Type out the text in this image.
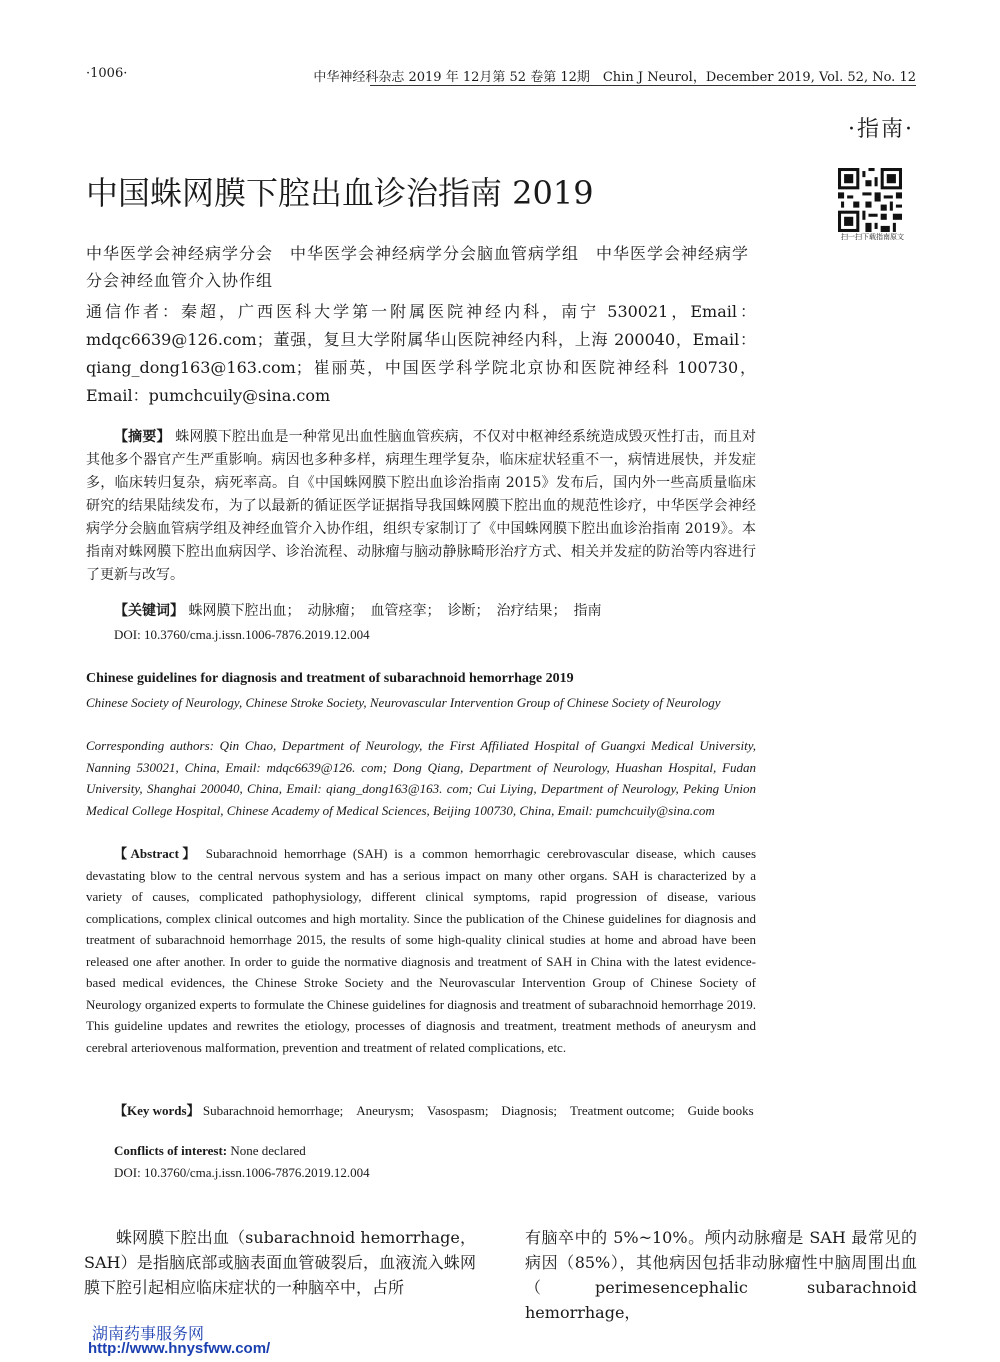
·1006·	中华神经科杂志 2019 年 12月第 52 卷第 12期　Chin J Neurol，December 2019, Vol. 52, No. 12
·指南·
扫一扫下载指南原文
中国蛛网膜下腔出血诊治指南 2019
中华医学会神经病学分会　中华医学会神经病学分会脑血管病学组　中华医学会神经病学分会神经血管介入协作组
通信作者：秦超，广西医科大学第一附属医院神经内科，南宁 530021，Email：mdqc6639@126.com；董强，复旦大学附属华山医院神经内科，上海 200040，Email：qiang_dong163@163.com；崔丽英，中国医学科学院北京协和医院神经科 100730，Email：pumchcuily@sina.com
【摘要】 蛛网膜下腔出血是一种常见出血性脑血管疾病，不仅对中枢神经系统造成毁灭性打击，而且对其他多个器官产生严重影响。病因也多种多样，病理生理学复杂，临床症状轻重不一，病情进展快，并发症多，临床转归复杂，病死率高。自《中国蛛网膜下腔出血诊治指南 2015》发布后，国内外一些高质量临床研究的结果陆续发布，为了以最新的循证医学证据指导我国蛛网膜下腔出血的规范性诊疗，中华医学会神经病学分会脑血管病学组及神经血管介入协作组，组织专家制订了《中国蛛网膜下腔出血诊治指南 2019》。本指南对蛛网膜下腔出血病因学、诊治流程、动脉瘤与脑动静脉畸形治疗方式、相关并发症的防治等内容进行了更新与改写。
【关键词】 蛛网膜下腔出血；　动脉瘤；　血管痉挛；　诊断；　治疗结果；　指南
DOI: 10.3760/cma.j.issn.1006-7876.2019.12.004
Chinese guidelines for diagnosis and treatment of subarachnoid hemorrhage 2019
Chinese Society of Neurology, Chinese Stroke Society, Neurovascular Intervention Group of Chinese Society of Neurology
Corresponding authors: Qin Chao, Department of Neurology, the First Affiliated Hospital of Guangxi Medical University, Nanning 530021, China, Email: mdqc6639@126. com; Dong Qiang, Department of Neurology, Huashan Hospital, Fudan University, Shanghai 200040, China, Email: qiang_dong163@163. com; Cui Liying, Department of Neurology, Peking Union Medical College Hospital, Chinese Academy of Medical Sciences, Beijing 100730, China, Email: pumchcuily@sina.com
【Abstract】 Subarachnoid hemorrhage (SAH) is a common hemorrhagic cerebrovascular disease, which causes devastating blow to the central nervous system and has a serious impact on many other organs. SAH is characterized by a variety of causes, complicated pathophysiology, different clinical symptoms, rapid progression of disease, various complications, complex clinical outcomes and high mortality. Since the publication of the Chinese guidelines for diagnosis and treatment of subarachnoid hemorrhage 2015, the results of some high-quality clinical studies at home and abroad have been released one after another. In order to guide the normative diagnosis and treatment of SAH in China with the latest evidence-based medical evidences, the Chinese Stroke Society and the Neurovascular Intervention Group of Chinese Society of Neurology organized experts to formulate the Chinese guidelines for diagnosis and treatment of subarachnoid hemorrhage 2019. This guideline updates and rewrites the etiology, processes of diagnosis and treatment, treatment methods of aneurysm and cerebral arteriovenous malformation, prevention and treatment of related complications, etc.
【Key words】 Subarachnoid hemorrhage;　Aneurysm;　Vasospasm;　Diagnosis;　Treatment outcome;　Guide books
Conflicts of interest: None declared
DOI: 10.3760/cma.j.issn.1006-7876.2019.12.004
蛛网膜下腔出血（subarachnoid hemorrhage，SAH）是指脑底部或脑表面血管破裂后，血液流入蛛网膜下腔引起相应临床症状的一种脑卒中，占所
有脑卒中的 5%~10%。颅内动脉瘤是 SAH 最常见的病因（85%），其他病因包括非动脉瘤性中脑周围出血（perimesencephalic subarachnoid hemorrhage，
湖南药事服务网
http://www.hnysfww.com/
